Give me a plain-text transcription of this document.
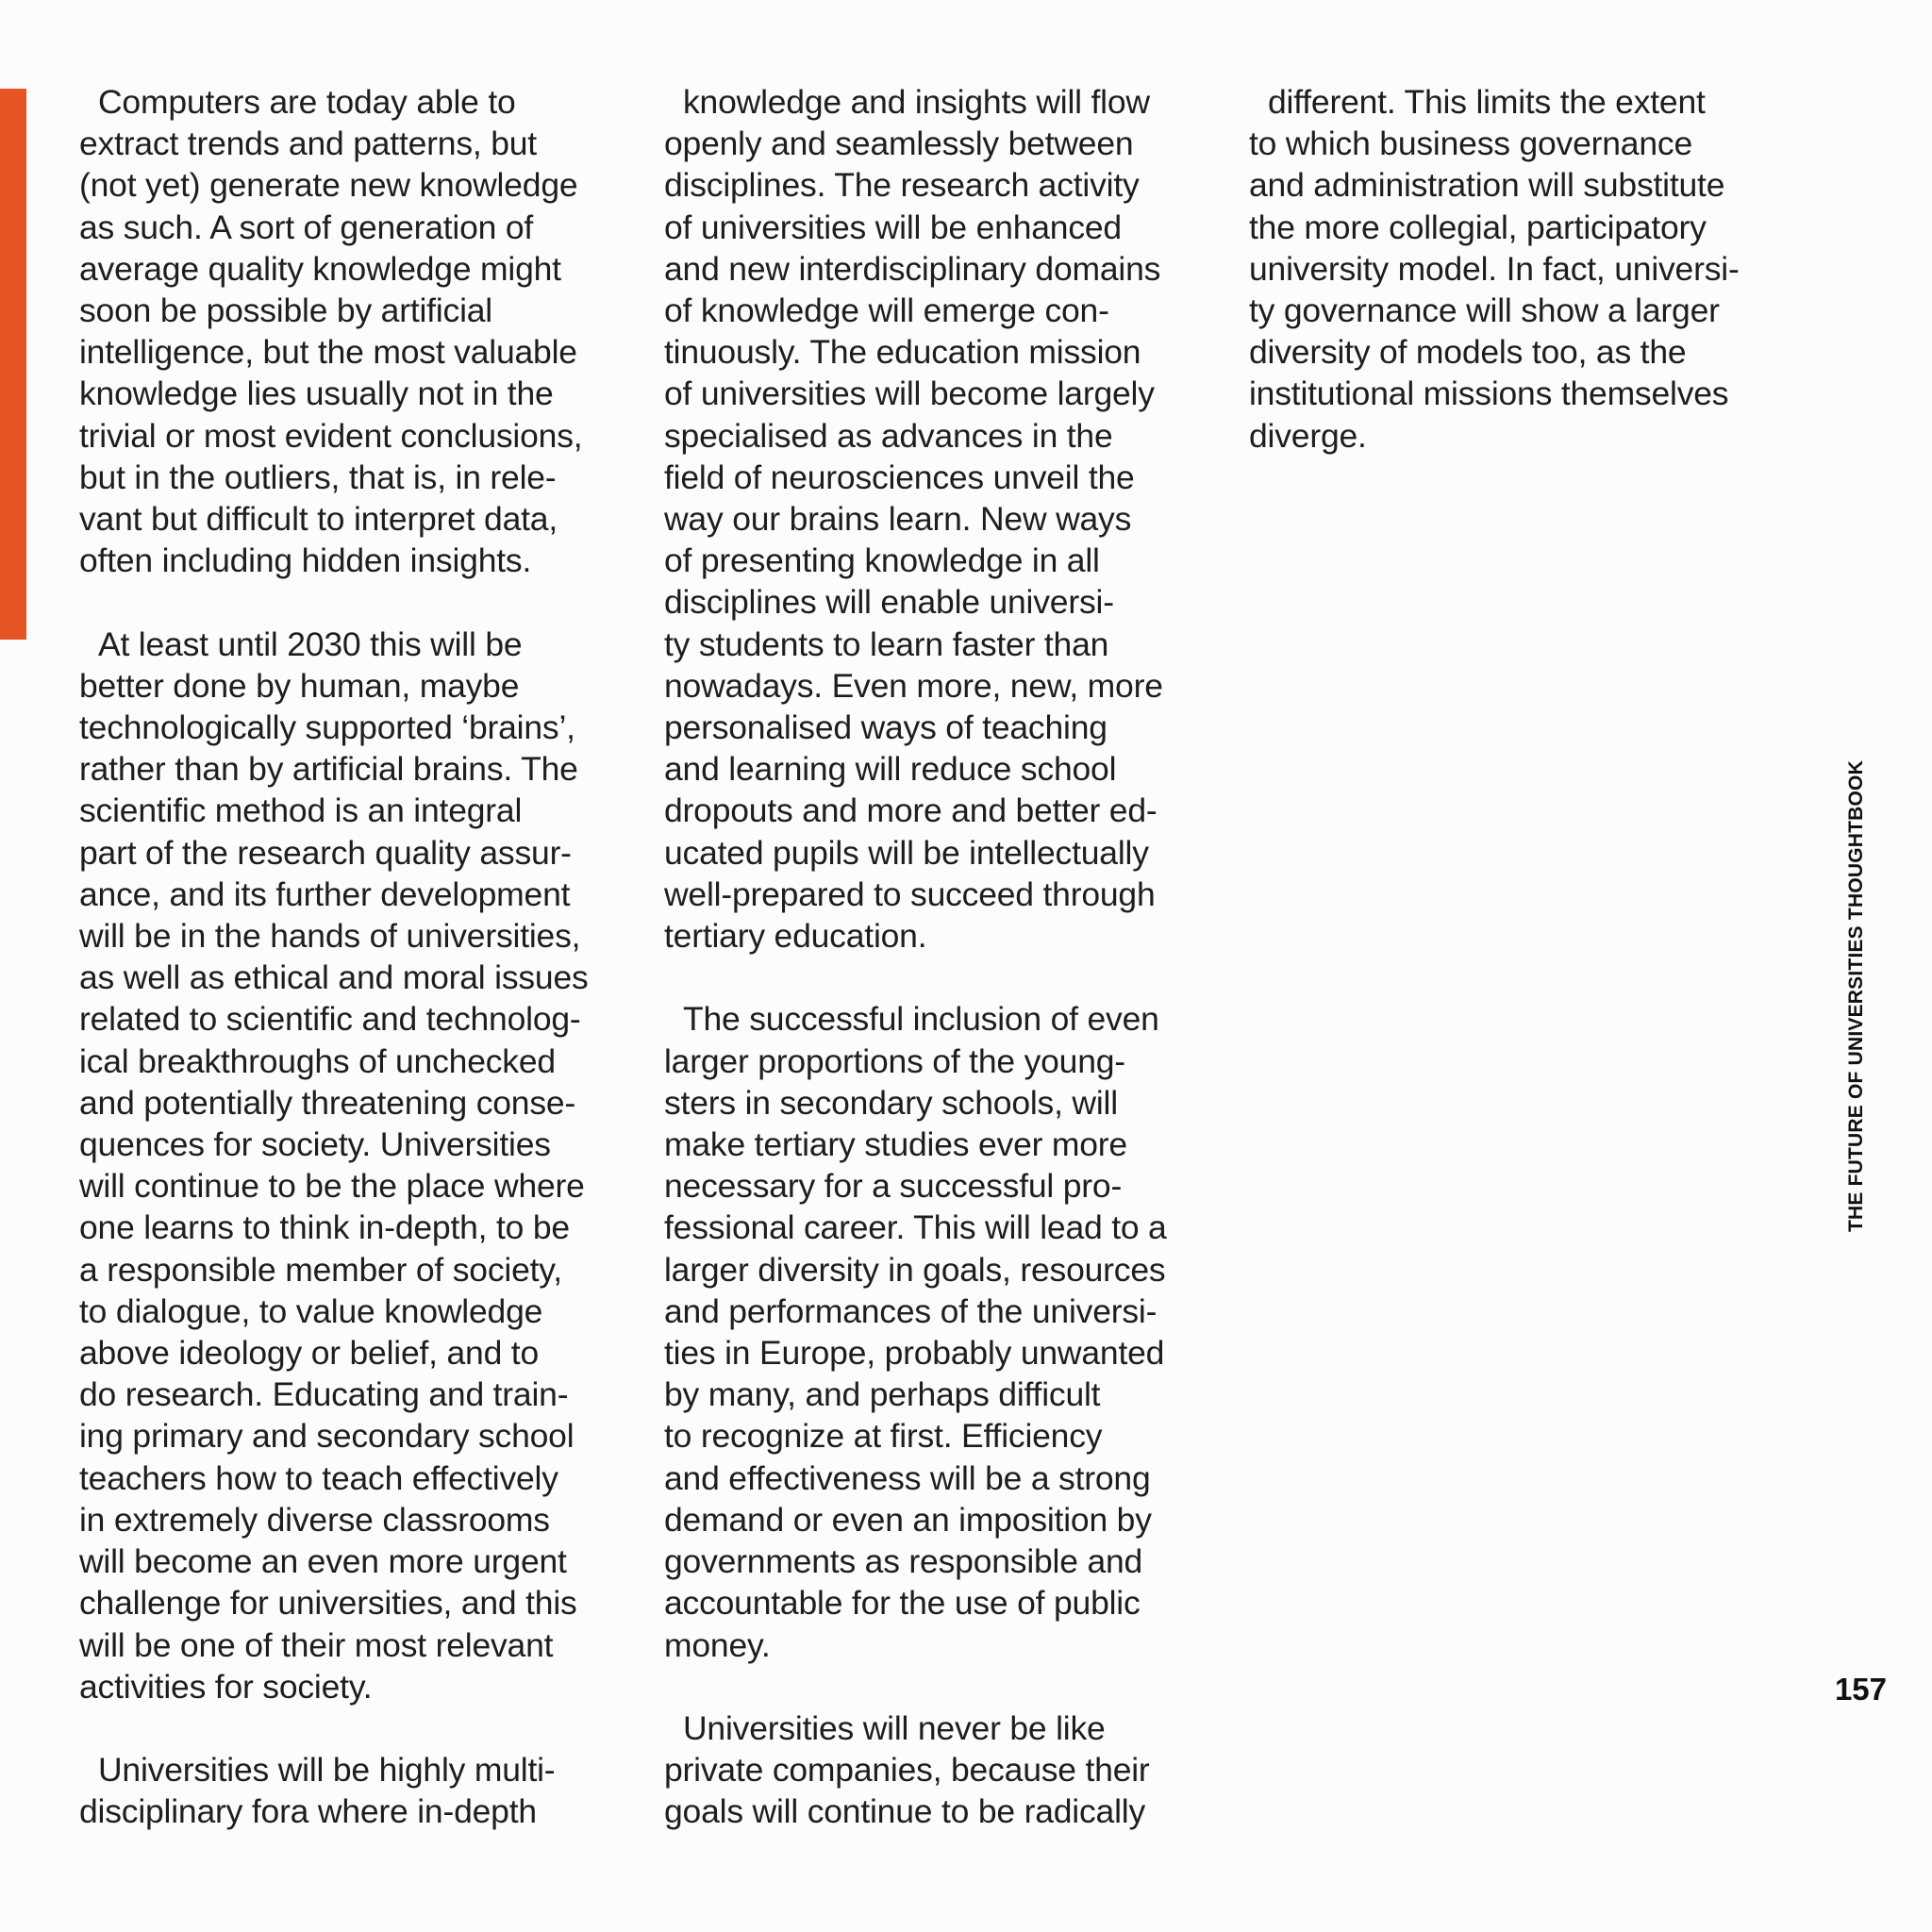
Computers are today able to
extract trends and patterns, but
(not yet) generate new knowledge
as such. A sort of generation of
average quality knowledge might
soon be possible by artificial
intelligence, but the most valuable
knowledge lies usually not in the
trivial or most evident conclusions,
but in the outliers, that is, in rele-
vant but difficult to interpret data,
often including hidden insights.

At least until 2030 this will be
better done by human, maybe
technologically supported ‘brains’,
rather than by artificial brains. The
scientific method is an integral
part of the research quality assur-
ance, and its further development
will be in the hands of universities,
as well as ethical and moral issues
related to scientific and technolog-
ical breakthroughs of unchecked
and potentially threatening conse-
quences for society. Universities
will continue to be the place where
one learns to think in-depth, to be
a responsible member of society,
to dialogue, to value knowledge
above ideology or belief, and to
do research. Educating and train-
ing primary and secondary school
teachers how to teach effectively
in extremely diverse classrooms
will become an even more urgent
challenge for universities, and this
will be one of their most relevant
activities for society.

Universities will be highly multi-
disciplinary fora where in-depth

knowledge and insights will flow
openly and seamlessly between
disciplines. The research activity
of universities will be enhanced
and new interdisciplinary domains
of knowledge will emerge con-
tinuously. The education mission
of universities will become largely
specialised as advances in the
field of neurosciences unveil the
way our brains learn. New ways
of presenting knowledge in all
disciplines will enable universi-
ty students to learn faster than
nowadays. Even more, new, more
personalised ways of teaching
and learning will reduce school
dropouts and more and better ed-
ucated pupils will be intellectually
well-prepared to succeed through
tertiary education.

The successful inclusion of even
larger proportions of the young-
sters in secondary schools, will
make tertiary studies ever more
necessary for a successful pro-
fessional career. This will lead to a
larger diversity in goals, resources
and performances of the universi-
ties in Europe, probably unwanted
by many, and perhaps difficult
to recognize at first. Efficiency
and effectiveness will be a strong
demand or even an imposition by
governments as responsible and
accountable for the use of public
money.

Universities will never be like
private companies, because their
goals will continue to be radically

different. This limits the extent
to which business governance
and administration will substitute
the more collegial, participatory
university model. In fact, universi-
ty governance will show a larger
diversity of models too, as the
institutional missions themselves
diverge.

THE FUTURE OF UNIVERSITIES THOUGHTBOOK
157
